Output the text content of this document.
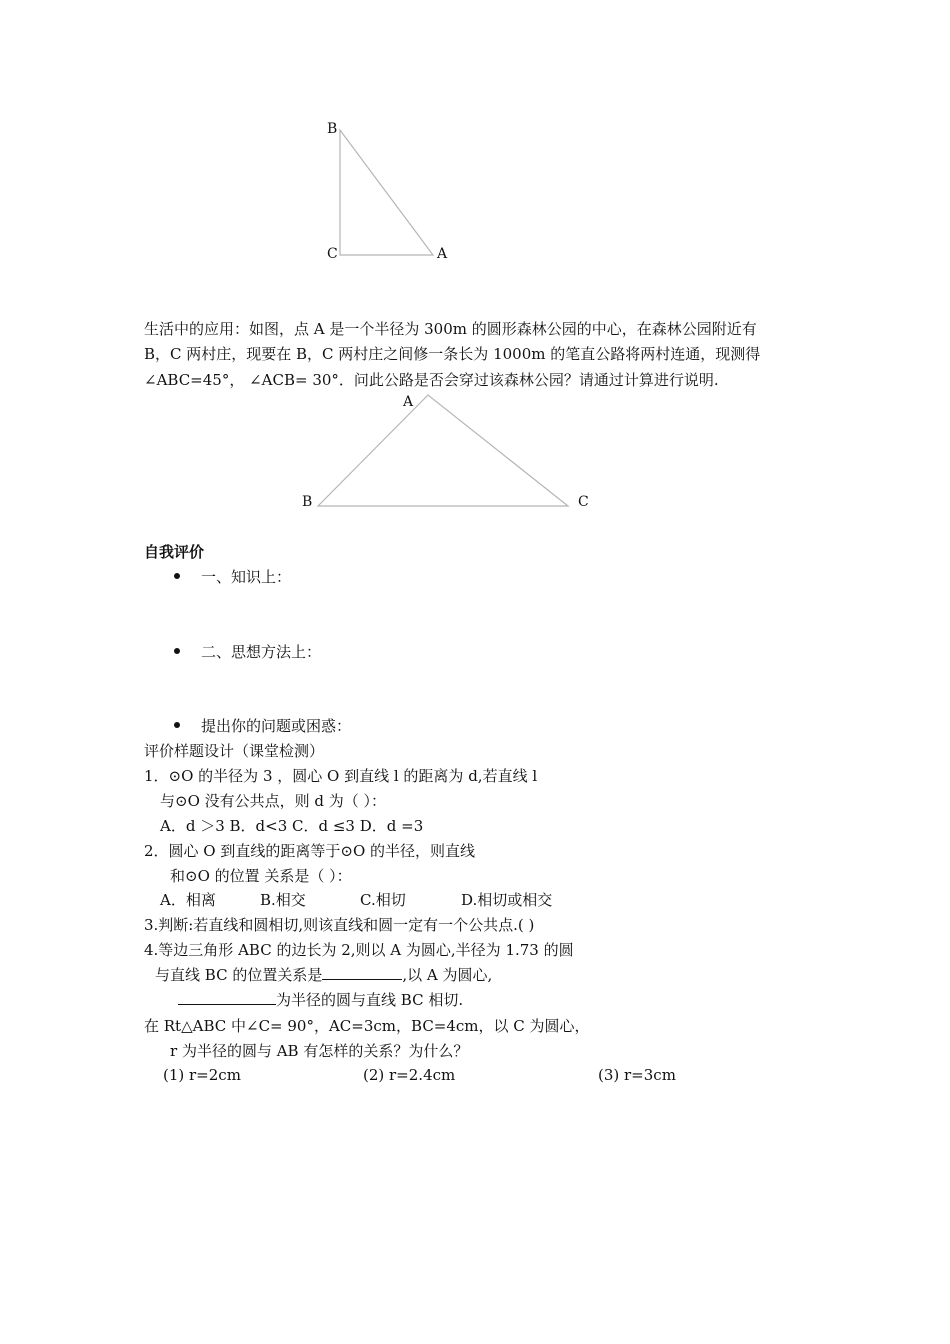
B
C	A
生活中的应用：如图，点 A 是一个半径为 300m 的圆形森林公园的中心，在森林公园附近有
B，C 两村庄，现要在 B，C 两村庄之间修一条长为 1000m 的笔直公路将两村连通，现测得
∠ABC=45°， ∠ACB= 30°．问此公路是否会穿过该森林公园？请通过计算进行说明.
A
B	C
自我评价
一、知识上：
二、思想方法上：
提出你的问题或困惑：
评价样题设计（课堂检测）
1．⊙O 的半径为 3 ，圆心 O 到直线 l 的距离为 d,若直线 l
与⊙O 没有公共点，则 d 为（ ）：
A．d ＞3 B．d<3 C．d ≤3 D．d =3
2．圆心 O 到直线的距离等于⊙O 的半径，则直线
和⊙O 的位置 关系是（ ）：
A．相离	B.相交	C.相切	D.相切或相交
3.判断:若直线和圆相切,则该直线和圆一定有一个公共点.( )
4.等边三角形 ABC 的边长为 2,则以 A 为圆心,半径为 1.73 的圆
与直线 BC 的位置关系是	,以 A 为圆心,
为半径的圆与直线 BC 相切.
在 Rt△ABC 中∠C= 90°，AC=3cm，BC=4cm，以 C 为圆心，
r 为半径的圆与 AB 有怎样的关系？为什么？
(1) r=2cm	(2) r=2.4cm	(3) r=3cm
